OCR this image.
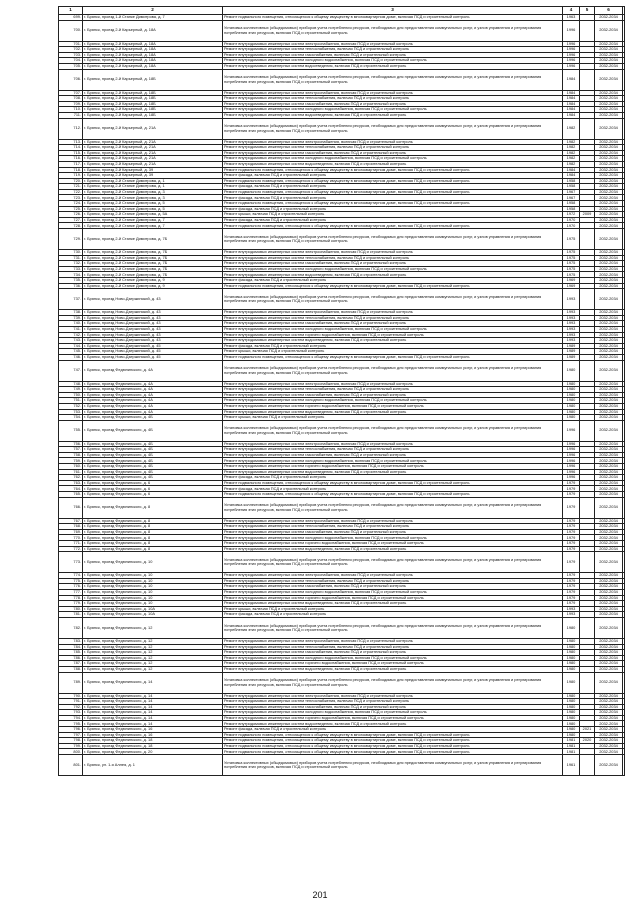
1	2	3	4	5	6	
699.	г. Брянск, проезд 1-й Станке Димитрова, д. 7	Ремонт подвального помещения, относящегося к общему имуществу в многоквартирном доме, включая ПСД и строительный контроль	1963		2032-2034	
700.	г. Брянск, проезд 2-й Карьерный, д. 18А	Установка коллективных (общедомовых) приборов учета потребления ресурсов, необходимых для предоставления коммунальных услуг, и узлов управления и регулирования потребления этих ресурсов, включая ПСД и строительный контроль	1996		2032-2034	
701.	г. Брянск, проезд 2-й Карьерный, д. 18А	Ремонт внутридомовых инженерных систем электроснабжения, включая ПСД и строительный контроль	1996		2032-2034	
702.	г. Брянск, проезд 2-й Карьерный, д. 18А	Ремонт внутридомовых инженерных систем теплоснабжения, включая ПСД и строительный контроль	1996		2032-2034	
703.	г. Брянск, проезд 2-й Карьерный, д. 18А	Ремонт внутридомовых инженерных систем газоснабжения, включая ПСД и строительный контроль	1996		2032-2034	
704.	г. Брянск, проезд 2-й Карьерный, д. 18А	Ремонт внутридомовых инженерных систем холодного водоснабжения, включая ПСД и строительный контроль	1996		2032-2034	
705.	г. Брянск, проезд 2-й Карьерный, д. 18А	Ремонт внутридомовых инженерных систем водоотведения, включая ПСД и строительный контроль	1996		2032-2034	
706.	г. Брянск, проезд 2-й Карьерный, д. 18Б	Установка коллективных (общедомовых) приборов учета потребления ресурсов, необходимых для предоставления коммунальных услуг, и узлов управления и регулирования потребления этих ресурсов, включая ПСД и строительный контроль	1984		2032-2034	
707.	г. Брянск, проезд 2-й Карьерный, д. 18Б	Ремонт внутридомовых инженерных систем электроснабжения, включая ПСД и строительный контроль	1984		2032-2034	
708.	г. Брянск, проезд 2-й Карьерный, д. 18Б	Ремонт внутридомовых инженерных систем теплоснабжения, включая ПСД и строительный контроль	1984		2032-2034	
709.	г. Брянск, проезд 2-й Карьерный, д. 18Б	Ремонт внутридомовых инженерных систем газоснабжения, включая ПСД и строительный контроль	1984		2032-2034	
710.	г. Брянск, проезд 2-й Карьерный, д. 18Б	Ремонт внутридомовых инженерных систем холодного водоснабжения, включая ПСД и строительный контроль	1984		2032-2034	
711.	г. Брянск, проезд 2-й Карьерный, д. 18Б	Ремонт внутридомовых инженерных систем водоотведения, включая ПСД и строительный контроль	1984		2032-2034	
712.	г. Брянск, проезд 2-й Карьерный, д. 21А	Установка коллективных (общедомовых) приборов учета потребления ресурсов, необходимых для предоставления коммунальных услуг, и узлов управления и регулирования потребления этих ресурсов, включая ПСД и строительный контроль	1982		2032-2034	
713.	г. Брянск, проезд 2-й Карьерный, д. 21А	Ремонт внутридомовых инженерных систем электроснабжения, включая ПСД и строительный контроль	1982		2032-2034	
714.	г. Брянск, проезд 2-й Карьерный, д. 21А	Ремонт внутридомовых инженерных систем теплоснабжения, включая ПСД и строительный контроль	1982		2032-2034	
715.	г. Брянск, проезд 2-й Карьерный, д. 21А	Ремонт внутридомовых инженерных систем газоснабжения, включая ПСД и строительный контроль	1982		2032-2034	
716.	г. Брянск, проезд 2-й Карьерный, д. 21А	Ремонт внутридомовых инженерных систем холодного водоснабжения, включая ПСД и строительный контроль	1982		2032-2034	
717.	г. Брянск, проезд 2-й Карьерный, д. 21А	Ремонт внутридомовых инженерных систем водоотведения, включая ПСД и строительный контроль	1982		2032-2034	
718.	г. Брянск, проезд 2-й Карьерный, д. 39	Ремонт подвального помещения, относящегося к общему имуществу в многоквартирном доме, включая ПСД и строительный контроль	1984		2032-2034	
719.	г. Брянск, проезд 2-й Карьерный, д. 39	Ремонт фасада, включая ПСД и строительный контроль	1984		2032-2034	
720.	г. Брянск, проезд 2-й Станке Димитрова, д. 1	Ремонт подвального помещения, относящегося к общему имуществу в многоквартирном доме, включая ПСД и строительный контроль	1958		2032-2034	
721.	г. Брянск, проезд 2-й Станке Димитрова, д. 1	Ремонт фасада, включая ПСД и строительный контроль	1958		2032-2034	
722.	г. Брянск, проезд 2-й Станке Димитрова, д. 3	Ремонт подвального помещения, относящегося к общему имуществу в многоквартирном доме, включая ПСД и строительный контроль	1967		2032-2034	
723.	г. Брянск, проезд 2-й Станке Димитрова, д. 3	Ремонт фасада, включая ПСД и строительный контроль	1967		2032-2034	
724.	г. Брянск, проезд 2-й Станке Димитрова, д. 5	Ремонт подвального помещения, относящегося к общему имуществу в многоквартирном доме, включая ПСД и строительный контроль	1958		2032-2034	
725.	г. Брянск, проезд 2-й Станке Димитрова, д. 5	Ремонт фасада, включая ПСД и строительный контроль	1958		2032-2034	
726.	г. Брянск, проезд 2-й Станке Димитрова, д. 5А	Ремонт крыши, включая ПСД и строительный контроль	1972	2009	2032-2034	
727.	г. Брянск, проезд 2-й Станке Димитрова, д. 7	Ремонт фасада, включая ПСД и строительный контроль	1970		2032-2034	
728.	г. Брянск, проезд 2-й Станке Димитрова, д. 7	Ремонт подвального помещения, относящегося к общему имуществу в многоквартирном доме, включая ПСД и строительный контроль	1970		2032-2034	
729.	г. Брянск, проезд 2-й Станке Димитрова, д. 7Б	Установка коллективных (общедомовых) приборов учета потребления ресурсов, необходимых для предоставления коммунальных услуг, и узлов управления и регулирования потребления этих ресурсов, включая ПСД и строительный контроль	1975		2032-2034	
730.	г. Брянск, проезд 2-й Станке Димитрова, д. 7Б	Ремонт внутридомовых инженерных систем электроснабжения, включая ПСД и строительный контроль	1975		2032-2034	
731.	г. Брянск, проезд 2-й Станке Димитрова, д. 7Б	Ремонт внутридомовых инженерных систем теплоснабжения, включая ПСД и строительный контроль	1975		2032-2034	
732.	г. Брянск, проезд 2-й Станке Димитрова, д. 7Б	Ремонт внутридомовых инженерных систем газоснабжения, включая ПСД и строительный контроль	1975		2032-2034	
733.	г. Брянск, проезд 2-й Станке Димитрова, д. 7Б	Ремонт внутридомовых инженерных систем холодного водоснабжения, включая ПСД и строительный контроль	1975		2032-2034	
734.	г. Брянск, проезд 2-й Станке Димитрова, д. 7Б	Ремонт внутридомовых инженерных систем водоотведения, включая ПСД и строительный контроль	1975		2032-2034	
735.	г. Брянск, проезд 2-й Станке Димитрова, д. 9	Ремонт фасада, включая ПСД и строительный контроль	1969		2032-2034	
736.	г. Брянск, проезд 2-й Станке Димитрова, д. 9	Ремонт подвального помещения, относящегося к общему имуществу в многоквартирном доме, включая ПСД и строительный контроль	1969		2032-2034	
737.	г. Брянск, проезд Ново-Дзержинский, д. 43	Установка коллективных (общедомовых) приборов учета потребления ресурсов, необходимых для предоставления коммунальных услуг, и узлов управления и регулирования потребления этих ресурсов, включая ПСД и строительный контроль	1993		2032-2034	
738.	г. Брянск, проезд Ново-Дзержинский, д. 43	Ремонт внутридомовых инженерных систем электроснабжения, включая ПСД и строительный контроль	1993		2032-2034	
739.	г. Брянск, проезд Ново-Дзержинский, д. 43	Ремонт внутридомовых инженерных систем теплоснабжения, включая ПСД и строительный контроль	1993		2032-2034	
740.	г. Брянск, проезд Ново-Дзержинский, д. 43	Ремонт внутридомовых инженерных систем газоснабжения, включая ПСД и строительный контроль	1993		2032-2034	
741.	г. Брянск, проезд Ново-Дзержинский, д. 43	Ремонт внутридомовых инженерных систем холодного водоснабжения, включая ПСД и строительный контроль	1993		2032-2034	
742.	г. Брянск, проезд Ново-Дзержинский, д. 43	Ремонт внутридомовых инженерных систем горячего водоснабжения, включая ПСД и строительный контроль	1993		2032-2034	
743.	г. Брянск, проезд Ново-Дзержинский, д. 43	Ремонт внутридомовых инженерных систем водоотведения, включая ПСД и строительный контроль	1993		2032-2034	
744.	г. Брянск, проезд Ново-Дзержинский, д. 45	Ремонт фасада, включая ПСД и строительный контроль	1989		2032-2034	
745.	г. Брянск, проезд Ново-Дзержинский, д. 45	Ремонт крыши, включая ПСД и строительный контроль	1989		2032-2034	
746.	г. Брянск, проезд Ново-Дзержинский, д. 45	Ремонт подвального помещения, относящегося к общему имуществу в многоквартирном доме, включая ПСД и строительный контроль	1989		2032-2034	
747.	г. Брянск, проезд Федюнинского, д. 4А	Установка коллективных (общедомовых) приборов учета потребления ресурсов, необходимых для предоставления коммунальных услуг, и узлов управления и регулирования потребления этих ресурсов, включая ПСД и строительный контроль	1980		2032-2034	
748.	г. Брянск, проезд Федюнинского, д. 4А	Ремонт внутридомовых инженерных систем электроснабжения, включая ПСД и строительный контроль	1980		2032-2034	
749.	г. Брянск, проезд Федюнинского, д. 4А	Ремонт внутридомовых инженерных систем теплоснабжения, включая ПСД и строительный контроль	1980		2032-2034	
750.	г. Брянск, проезд Федюнинского, д. 4А	Ремонт внутридомовых инженерных систем газоснабжения, включая ПСД и строительный контроль	1980		2032-2034	
751.	г. Брянск, проезд Федюнинского, д. 4А	Ремонт внутридомовых инженерных систем холодного водоснабжения, включая ПСД и строительный контроль	1980		2032-2034	
752.	г. Брянск, проезд Федюнинского, д. 4А	Ремонт внутридомовых инженерных систем горячего водоснабжения, включая ПСД и строительный контроль	1980		2032-2034	
753.	г. Брянск, проезд Федюнинского, д. 4А	Ремонт внутридомовых инженерных систем водоотведения, включая ПСД и строительный контроль	1980		2032-2034	
754.	г. Брянск, проезд Федюнинского, д. 4Б	Ремонт крыши, включая ПСД и строительный контроль	1980		2032-2034	
755.	г. Брянск, проезд Федюнинского, д. 4Б	Установка коллективных (общедомовых) приборов учета потребления ресурсов, необходимых для предоставления коммунальных услуг, и узлов управления и регулирования потребления этих ресурсов, включая ПСД и строительный контроль	1996		2032-2034	
756.	г. Брянск, проезд Федюнинского, д. 4Б	Ремонт внутридомовых инженерных систем электроснабжения, включая ПСД и строительный контроль	1996		2032-2034	
757.	г. Брянск, проезд Федюнинского, д. 4Б	Ремонт внутридомовых инженерных систем теплоснабжения, включая ПСД и строительный контроль	1996		2032-2034	
758.	г. Брянск, проезд Федюнинского, д. 4Б	Ремонт внутридомовых инженерных систем газоснабжения, включая ПСД и строительный контроль	1996		2032-2034	
759.	г. Брянск, проезд Федюнинского, д. 4Б	Ремонт внутридомовых инженерных систем холодного водоснабжения, включая ПСД и строительный контроль	1996		2032-2034	
760.	г. Брянск, проезд Федюнинского, д. 4Б	Ремонт внутридомовых инженерных систем горячего водоснабжения, включая ПСД и строительный контроль	1996		2032-2034	
761.	г. Брянск, проезд Федюнинского, д. 4Б	Ремонт внутридомовых инженерных систем водоотведения, включая ПСД и строительный контроль	1996		2032-2034	
762.	г. Брянск, проезд Федюнинского, д. 4Б	Ремонт фасада, включая ПСД и строительный контроль	1996		2032-2034	
763.	г. Брянск, проезд Федюнинского, д. 6	Ремонт подвального помещения, относящегося к общему имуществу в многоквартирном доме, включая ПСД и строительный контроль	1979		2032-2034	
764.	г. Брянск, проезд Федюнинского, д. 6	Ремонт фасада, включая ПСД и строительный контроль	1979		2032-2034	
765.	г. Брянск, проезд Федюнинского, д. 6	Ремонт подвального помещения, относящегося к общему имуществу в многоквартирном доме, включая ПСД и строительный контроль	1979		2032-2034	
766.	г. Брянск, проезд Федюнинского, д. 8	Установка коллективных (общедомовых) приборов учета потребления ресурсов, необходимых для предоставления коммунальных услуг, и узлов управления и регулирования потребления этих ресурсов, включая ПСД и строительный контроль	1979		2032-2034	
767.	г. Брянск, проезд Федюнинского, д. 8	Ремонт внутридомовых инженерных систем электроснабжения, включая ПСД и строительный контроль	1979		2032-2034	
768.	г. Брянск, проезд Федюнинского, д. 8	Ремонт внутридомовых инженерных систем теплоснабжения, включая ПСД и строительный контроль	1979		2032-2034	
769.	г. Брянск, проезд Федюнинского, д. 8	Ремонт внутридомовых инженерных систем газоснабжения, включая ПСД и строительный контроль	1979		2032-2034	
770.	г. Брянск, проезд Федюнинского, д. 8	Ремонт внутридомовых инженерных систем холодного водоснабжения, включая ПСД и строительный контроль	1979		2032-2034	
771.	г. Брянск, проезд Федюнинского, д. 8	Ремонт внутридомовых инженерных систем горячего водоснабжения, включая ПСД и строительный контроль	1979		2032-2034	
772.	г. Брянск, проезд Федюнинского, д. 8	Ремонт внутридомовых инженерных систем водоотведения, включая ПСД и строительный контроль	1979		2032-2034	
773.	г. Брянск, проезд Федюнинского, д. 10	Установка коллективных (общедомовых) приборов учета потребления ресурсов, необходимых для предоставления коммунальных услуг, и узлов управления и регулирования потребления этих ресурсов, включая ПСД и строительный контроль	1979		2032-2034	
774.	г. Брянск, проезд Федюнинского, д. 10	Ремонт внутридомовых инженерных систем электроснабжения, включая ПСД и строительный контроль	1979		2032-2034	
775.	г. Брянск, проезд Федюнинского, д. 10	Ремонт внутридомовых инженерных систем теплоснабжения, включая ПСД и строительный контроль	1979		2032-2034	
776.	г. Брянск, проезд Федюнинского, д. 10	Ремонт внутридомовых инженерных систем газоснабжения, включая ПСД и строительный контроль	1979		2032-2034	
777.	г. Брянск, проезд Федюнинского, д. 10	Ремонт внутридомовых инженерных систем холодного водоснабжения, включая ПСД и строительный контроль	1979		2032-2034	
778.	г. Брянск, проезд Федюнинского, д. 10	Ремонт внутридомовых инженерных систем горячего водоснабжения, включая ПСД и строительный контроль	1979		2032-2034	
779.	г. Брянск, проезд Федюнинского, д. 10	Ремонт внутридомовых инженерных систем водоотведения, включая ПСД и строительный контроль	1979		2032-2034	
780.	г. Брянск, проезд Федюнинского, д. 10А	Ремонт крыши, включая ПСД и строительный контроль	1993		2032-2034	
781.	г. Брянск, проезд Федюнинского, д. 10А	Ремонт фасада, включая ПСД и строительный контроль	1993		2032-2034	
782.	г. Брянск, проезд Федюнинского, д. 12	Установка коллективных (общедомовых) приборов учета потребления ресурсов, необходимых для предоставления коммунальных услуг, и узлов управления и регулирования потребления этих ресурсов, включая ПСД и строительный контроль	1980		2032-2034	
783.	г. Брянск, проезд Федюнинского, д. 12	Ремонт внутридомовых инженерных систем электроснабжения, включая ПСД и строительный контроль	1980		2032-2034	
784.	г. Брянск, проезд Федюнинского, д. 12	Ремонт внутридомовых инженерных систем теплоснабжения, включая ПСД и строительный контроль	1980		2032-2034	
785.	г. Брянск, проезд Федюнинского, д. 12	Ремонт внутридомовых инженерных систем газоснабжения, включая ПСД и строительный контроль	1980		2032-2034	
786.	г. Брянск, проезд Федюнинского, д. 12	Ремонт внутридомовых инженерных систем холодного водоснабжения, включая ПСД и строительный контроль	1980		2032-2034	
787.	г. Брянск, проезд Федюнинского, д. 12	Ремонт внутридомовых инженерных систем горячего водоснабжения, включая ПСД и строительный контроль	1980		2032-2034	
788.	г. Брянск, проезд Федюнинского, д. 12	Ремонт внутридомовых инженерных систем водоотведения, включая ПСД и строительный контроль	1980		2032-2034	
789.	г. Брянск, проезд Федюнинского, д. 14	Установка коллективных (общедомовых) приборов учета потребления ресурсов, необходимых для предоставления коммунальных услуг, и узлов управления и регулирования потребления этих ресурсов, включая ПСД и строительный контроль	1980		2032-2034	
790.	г. Брянск, проезд Федюнинского, д. 14	Ремонт внутридомовых инженерных систем электроснабжения, включая ПСД и строительный контроль	1980		2032-2034	
791.	г. Брянск, проезд Федюнинского, д. 14	Ремонт внутридомовых инженерных систем теплоснабжения, включая ПСД и строительный контроль	1980		2032-2034	
792.	г. Брянск, проезд Федюнинского, д. 14	Ремонт внутридомовых инженерных систем газоснабжения, включая ПСД и строительный контроль	1980		2032-2034	
793.	г. Брянск, проезд Федюнинского, д. 14	Ремонт внутридомовых инженерных систем холодного водоснабжения, включая ПСД и строительный контроль	1980		2032-2034	
794.	г. Брянск, проезд Федюнинского, д. 14	Ремонт внутридомовых инженерных систем горячего водоснабжения, включая ПСД и строительный контроль	1980		2032-2034	
795.	г. Брянск, проезд Федюнинского, д. 14	Ремонт внутридомовых инженерных систем водоотведения, включая ПСД и строительный контроль	1980		2032-2034	
796.	г. Брянск, проезд Федюнинского, д. 16	Ремонт фасада, включая ПСД и строительный контроль	1980	2021	2032-2034	
797.	г. Брянск, проезд Федюнинского, д. 16	Ремонт подвального помещения, относящегося к общему имуществу в многоквартирном доме, включая ПСД и строительный контроль	1980		2032-2034	
798.	г. Брянск, проезд Федюнинского, д. 18	Ремонт подвального помещения, относящегося к общему имуществу в многоквартирном доме, включая ПСД и строительный контроль	1981	2020	2032-2034	
799.	г. Брянск, проезд Федюнинского, д. 18	Ремонт подвального помещения, относящегося к общему имуществу в многоквартирном доме, включая ПСД и строительный контроль	1981		2032-2034	
800.	г. Брянск, проезд Федюнинского, д. 20	Ремонт подвального помещения, относящегося к общему имуществу в многоквартирном доме, включая ПСД и строительный контроль	1981		2032-2034	
801.	г. Брянск, ул. 1-я Аллея, д. 1	Установка коллективных (общедомовых) приборов учета потребления ресурсов, необходимых для предоставления коммунальных услуг, и узлов управления и регулирования потребления этих ресурсов, включая ПСД и строительный контроль	1961		2032-2034	
201
